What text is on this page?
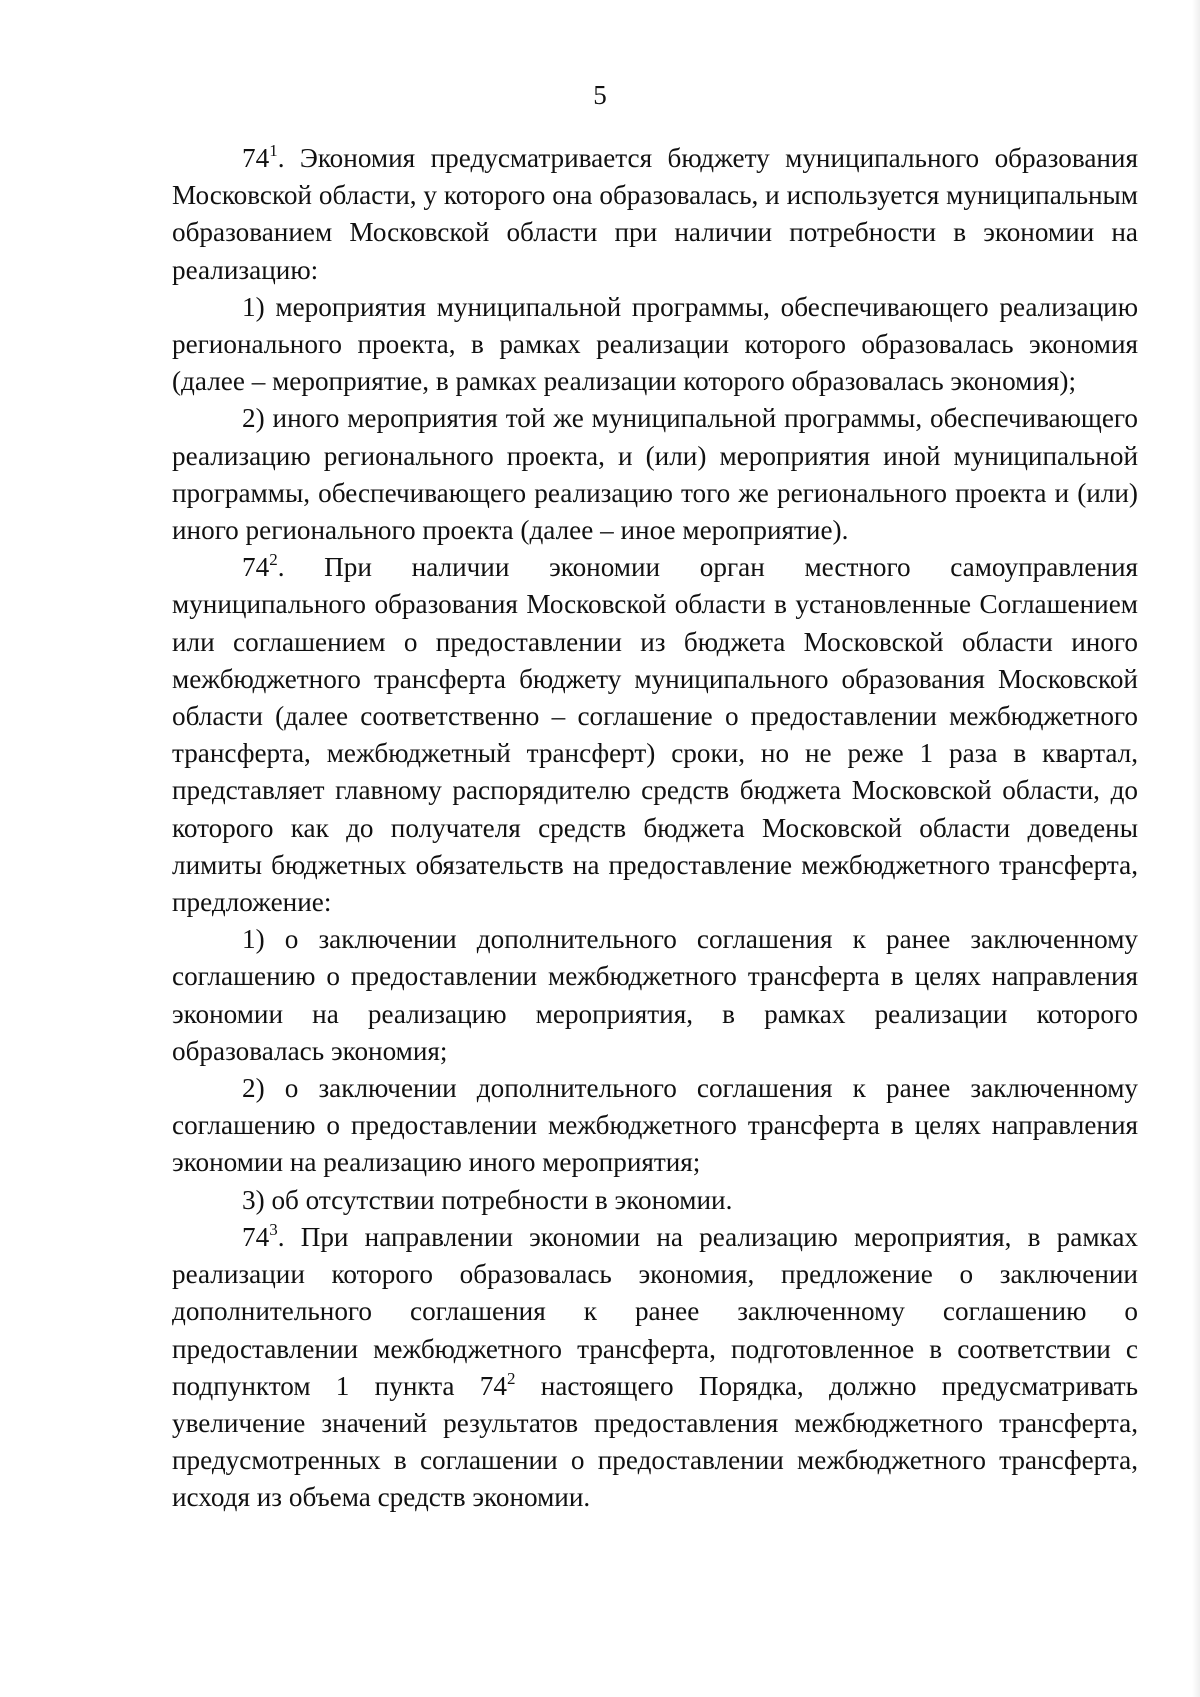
5

$74^1$. Экономия предусматривается бюджету муниципального образования Московской области, у которого она образовалась, и используется муниципальным образованием Московской области при наличии потребности в экономии на реализацию:

1) мероприятия муниципальной программы, обеспечивающего реализацию регионального проекта, в рамках реализации которого образовалась экономия (далее – мероприятие, в рамках реализации которого образовалась экономия);

2) иного мероприятия той же муниципальной программы, обеспечивающего реализацию регионального проекта, и (или) мероприятия иной муниципальной программы, обеспечивающего реализацию того же регионального проекта и (или) иного регионального проекта (далее – иное мероприятие).

$74^2$. При наличии экономии орган местного самоуправления муниципального образования Московской области в установленные Соглашением или соглашением о предоставлении из бюджета Московской области иного межбюджетного трансферта бюджету муниципального образования Московской области (далее соответственно – соглашение о предоставлении межбюджетного трансферта, межбюджетный трансферт) сроки, но не реже 1 раза в квартал, представляет главному распорядителю средств бюджета Московской области, до которого как до получателя средств бюджета Московской области доведены лимиты бюджетных обязательств на предоставление межбюджетного трансферта, предложение:

1) о заключении дополнительного соглашения к ранее заключенному соглашению о предоставлении межбюджетного трансферта в целях направления экономии на реализацию мероприятия, в рамках реализации которого образовалась экономия;

2) о заключении дополнительного соглашения к ранее заключенному соглашению о предоставлении межбюджетного трансферта в целях направления экономии на реализацию иного мероприятия;

3) об отсутствии потребности в экономии.

$74^3$. При направлении экономии на реализацию мероприятия, в рамках реализации которого образовалась экономия, предложение о заключении дополнительного соглашения к ранее заключенному соглашению о предоставлении межбюджетного трансферта, подготовленное в соответствии с подпунктом 1 пункта $74^2$ настоящего Порядка, должно предусматривать увеличение значений результатов предоставления межбюджетного трансферта, предусмотренных в соглашении о предоставлении межбюджетного трансферта, исходя из объема средств экономии.
